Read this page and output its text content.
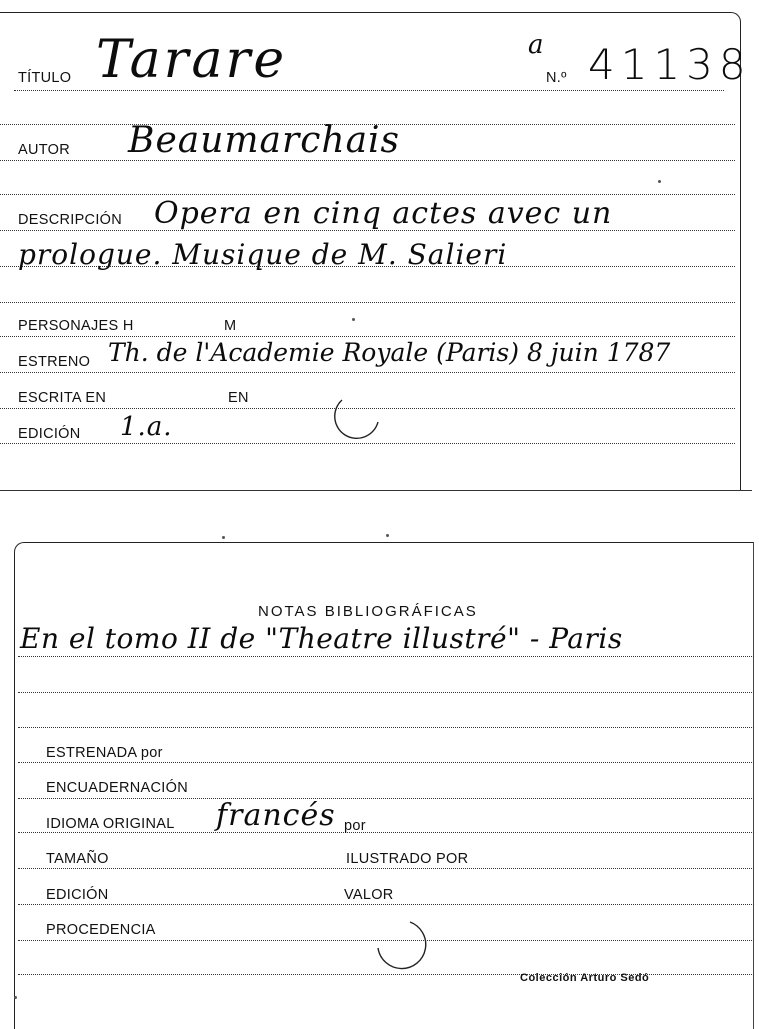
TÍTULO Tarare	a
N.º 41138
AUTOR Beaumarchais
DESCRIPCIÓN Opera en cinq actes avec un
prologue. Musique de M. Salieri
PERSONAJES H	M
ESTRENO Th. de l'Academie Royale (Paris) 8 juin 1787
ESCRITA EN	EN
EDICIÓN 1.a.
NOTAS BIBLIOGRÁFICAS
En el tomo II de "Theatre illustré" - Paris
ESTRENADA por
ENCUADERNACIÓN
IDIOMA ORIGINAL francés por
TAMAÑO	ILUSTRADO POR
EDICIÓN	VALOR
PROCEDENCIA
Colección Arturo Sedó
